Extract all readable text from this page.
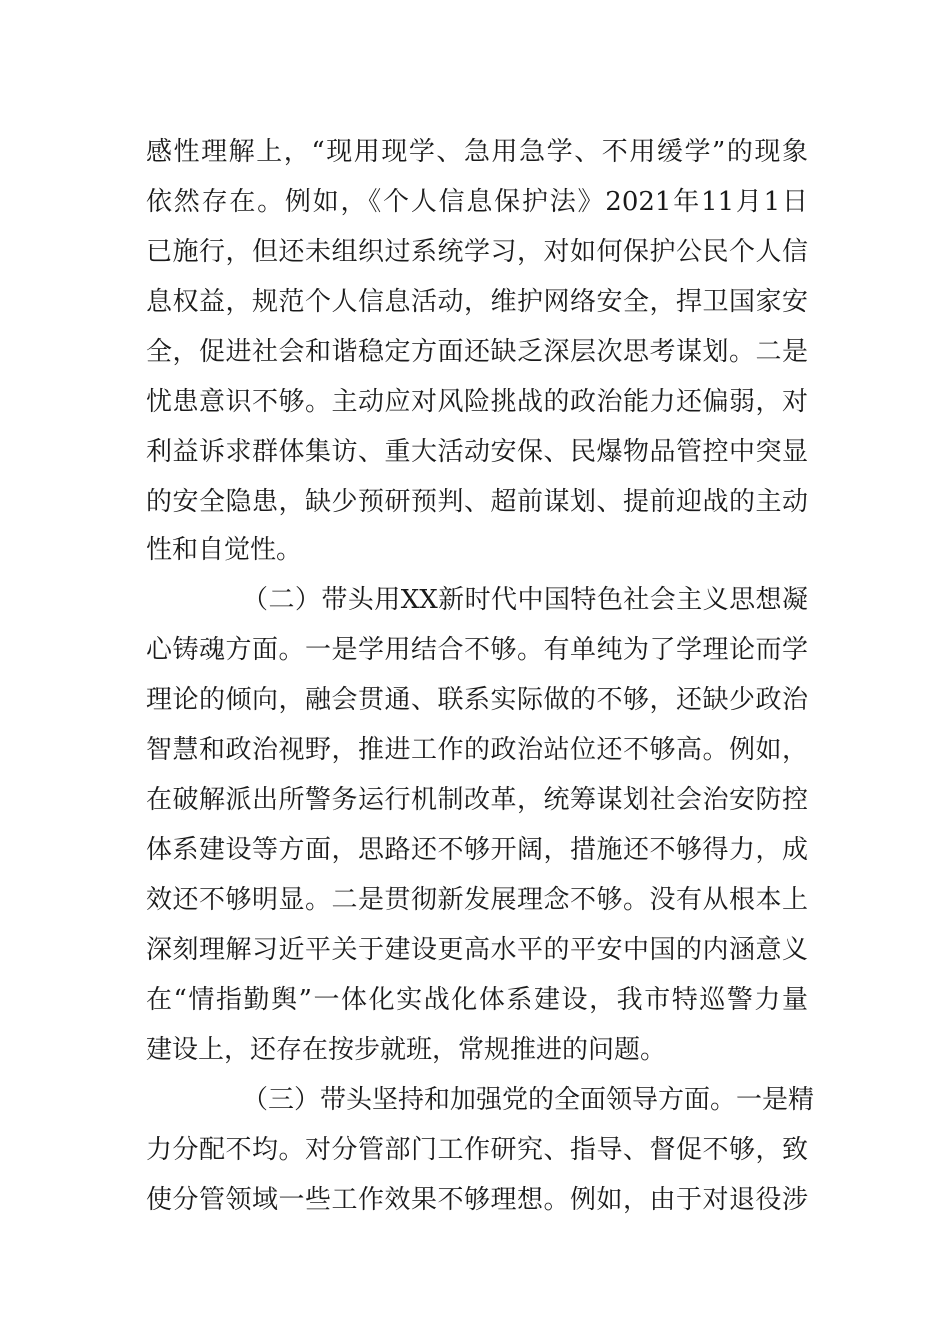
感性理解上，“现用现学、急用急学、不用缓学”的现象
依然存在。例如，《个人信息保护法》2021年11月1日
已施行，但还未组织过系统学习，对如何保护公民个人信
息权益，规范个人信息活动，维护网络安全，捍卫国家安
全，促进社会和谐稳定方面还缺乏深层次思考谋划。二是
忧患意识不够。主动应对风险挑战的政治能力还偏弱，对
利益诉求群体集访、重大活动安保、民爆物品管控中突显
的安全隐患，缺少预研预判、超前谋划、提前迎战的主动
性和自觉性。
（二）带头用XX新时代中国特色社会主义思想凝
心铸魂方面。一是学用结合不够。有单纯为了学理论而学
理论的倾向，融会贯通、联系实际做的不够，还缺少政治
智慧和政治视野，推进工作的政治站位还不够高。例如，
在破解派出所警务运行机制改革，统筹谋划社会治安防控
体系建设等方面，思路还不够开阔，措施还不够得力，成
效还不够明显。二是贯彻新发展理念不够。没有从根本上
深刻理解习近平关于建设更高水平的平安中国的内涵意义
在“情指勤舆”一体化实战化体系建设，我市特巡警力量
建设上，还存在按步就班，常规推进的问题。
（三）带头坚持和加强党的全面领导方面。一是精
力分配不均。对分管部门工作研究、指导、督促不够，致
使分管领域一些工作效果不够理想。例如，由于对退役涉
